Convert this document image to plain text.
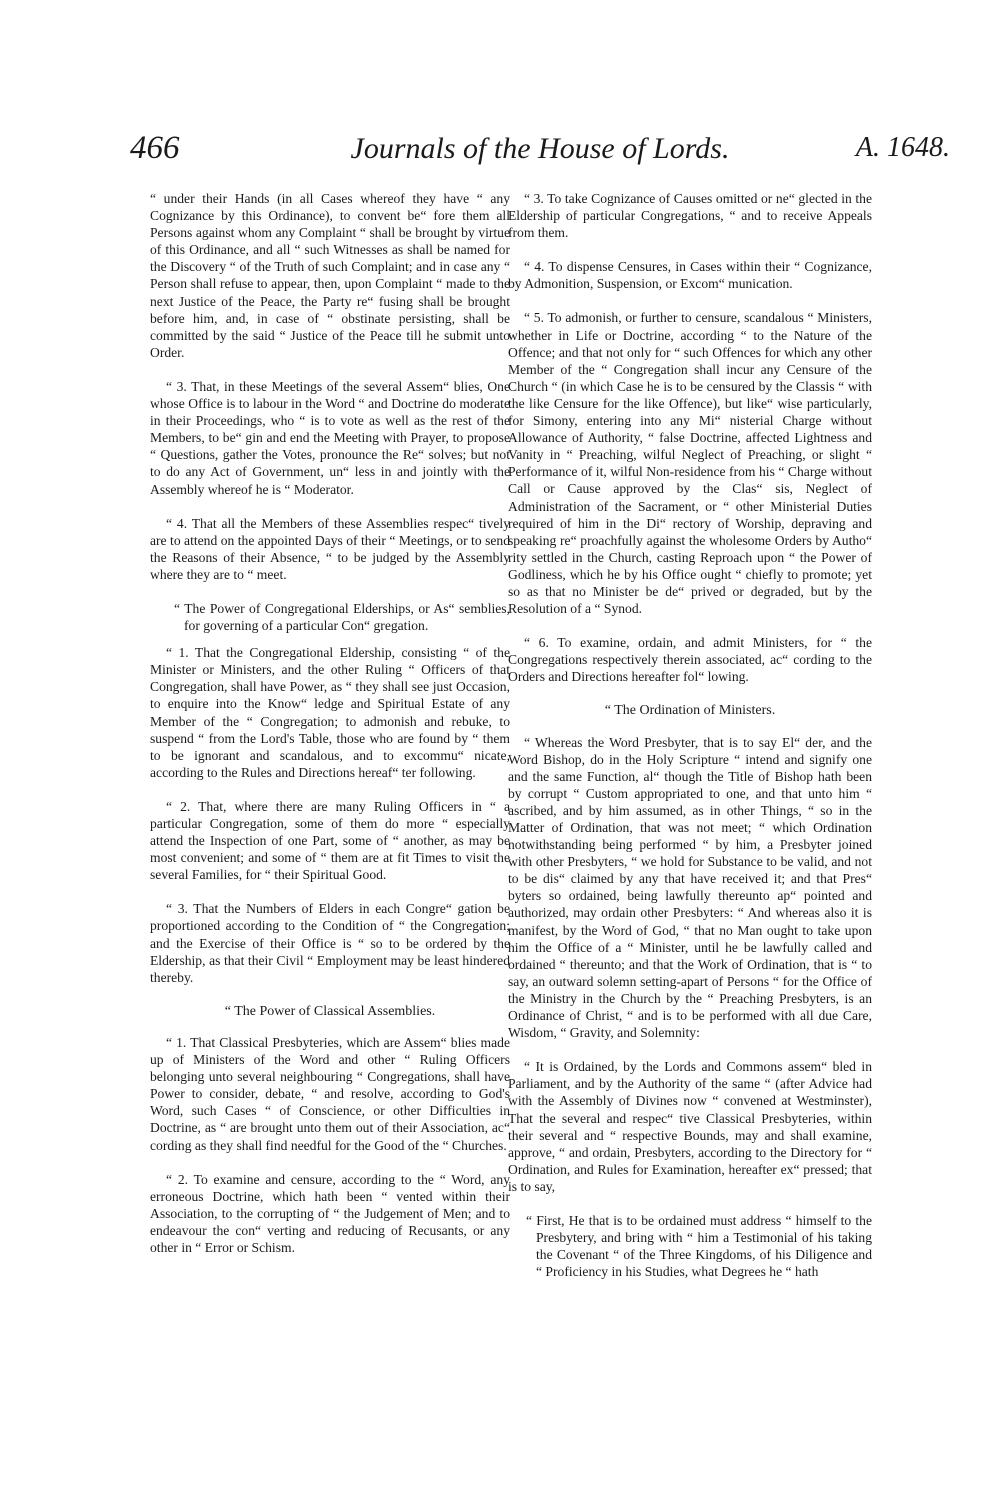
466	Journals of the House of Lords.	A. 1648.

“ under their Hands (in all Cases whereof they have “ any Cognizance by this Ordinance), to convent be“ fore them all Persons against whom any Complaint “ shall be brought by virtue of this Ordinance, and all “ such Witnesses as shall be named for the Discovery “ of the Truth of such Complaint; and in case any “ Person shall refuse to appear, then, upon Complaint “ made to the next Justice of the Peace, the Party re“ fusing shall be brought before him, and, in case of “ obstinate persisting, shall be committed by the said “ Justice of the Peace till he submit unto Order.

“ 3. That, in these Meetings of the several Assem“ blies, One whose Office is to labour in the Word “ and Doctrine do moderate in their Proceedings, who “ is to vote as well as the rest of the Members, to be“ gin and end the Meeting with Prayer, to propose “ Questions, gather the Votes, pronounce the Re“ solves; but not to do any Act of Government, un“ less in and jointly with the Assembly whereof he is “ Moderator.

“ 4. That all the Members of these Assemblies respec“ tively are to attend on the appointed Days of their “ Meetings, or to send the Reasons of their Absence, “ to be judged by the Assembly where they are to “ meet.

“ The Power of Congregational Elderships, or As“ semblies, for governing of a particular Con“ gregation.

“ 1. That the Congregational Eldership, consisting “ of the Minister or Ministers, and the other Ruling “ Officers of that Congregation, shall have Power, as “ they shall see just Occasion, to enquire into the Know“ ledge and Spiritual Estate of any Member of the “ Congregation; to admonish and rebuke, to suspend “ from the Lord's Table, those who are found by “ them to be ignorant and scandalous, and to excommu“ nicate, according to the Rules and Directions hereaf“ ter following.

“ 2. That, where there are many Ruling Officers in “ a particular Congregation, some of them do more “ especially attend the Inspection of one Part, some of “ another, as may be most convenient; and some of “ them are at fit Times to visit the several Families, for “ their Spiritual Good.

“ 3. That the Numbers of Elders in each Congre“ gation be proportioned according to the Condition of “ the Congregation; and the Exercise of their Office is “ so to be ordered by the Eldership, as that their Civil “ Employment may be least hindered thereby.

“ The Power of Classical Assemblies.

“ 1. That Classical Presbyteries, which are Assem“ blies made up of Ministers of the Word and other “ Ruling Officers belonging unto several neighbouring “ Congregations, shall have Power to consider, debate, “ and resolve, according to God's Word, such Cases “ of Conscience, or other Difficulties in Doctrine, as “ are brought unto them out of their Association, ac“ cording as they shall find needful for the Good of the “ Churches.

“ 2. To examine and censure, according to the “ Word, any erroneous Doctrine, which hath been “ vented within their Association, to the corrupting of “ the Judgement of Men; and to endeavour the con“ verting and reducing of Recusants, or any other in “ Error or Schism.

“ 3. To take Cognizance of Causes omitted or ne“ glected in the Eldership of particular Congregations, “ and to receive Appeals from them.

“ 4. To dispense Censures, in Cases within their “ Cognizance, by Admonition, Suspension, or Excom“ munication.

“ 5. To admonish, or further to censure, scandalous “ Ministers, whether in Life or Doctrine, according “ to the Nature of the Offence; and that not only for “ such Offences for which any other Member of the “ Congregation shall incur any Censure of the Church “ (in which Case he is to be censured by the Classis “ with the like Censure for the like Offence), but like“ wise particularly, for Simony, entering into any Mi“ nisterial Charge without Allowance of Authority, “ false Doctrine, affected Lightness and Vanity in “ Preaching, wilful Neglect of Preaching, or slight “ Performance of it, wilful Non-residence from his “ Charge without Call or Cause approved by the Clas“ sis, Neglect of Administration of the Sacrament, or “ other Ministerial Duties required of him in the Di“ rectory of Worship, depraving and speaking re“ proachfully against the wholesome Orders by Autho“ rity settled in the Church, casting Reproach upon “ the Power of Godliness, which he by his Office ought “ chiefly to promote; yet so as that no Minister be de“ prived or degraded, but by the Resolution of a “ Synod.

“ 6. To examine, ordain, and admit Ministers, for “ the Congregations respectively therein associated, ac“ cording to the Orders and Directions hereafter fol“ lowing.

“ The Ordination of Ministers.

“ Whereas the Word Presbyter, that is to say El“ der, and the Word Bishop, do in the Holy Scripture “ intend and signify one and the same Function, al“ though the Title of Bishop hath been by corrupt “ Custom appropriated to one, and that unto him “ ascribed, and by him assumed, as in other Things, “ so in the Matter of Ordination, that was not meet; “ which Ordination notwithstanding being performed “ by him, a Presbyter joined with other Presbyters, “ we hold for Substance to be valid, and not to be dis“ claimed by any that have received it; and that Pres“ byters so ordained, being lawfully thereunto ap“ pointed and authorized, may ordain other Presbyters: “ And whereas also it is manifest, by the Word of God, “ that no Man ought to take upon him the Office of a “ Minister, until he be lawfully called and ordained “ thereunto; and that the Work of Ordination, that is “ to say, an outward solemn setting-apart of Persons “ for the Office of the Ministry in the Church by the “ Preaching Presbyters, is an Ordinance of Christ, “ and is to be performed with all due Care, Wisdom, “ Gravity, and Solemnity:

“ It is Ordained, by the Lords and Commons assem“ bled in Parliament, and by the Authority of the same “ (after Advice had with the Assembly of Divines now “ convened at Westminster), That the several and respec“ tive Classical Presbyteries, within their several and “ respective Bounds, may and shall examine, approve, “ and ordain, Presbyters, according to the Directory for “ Ordination, and Rules for Examination, hereafter ex“ pressed; that is to say,

“ First, He that is to be ordained must address “ himself to the Presbytery, and bring with “ him a Testimonial of his taking the Covenant “ of the Three Kingdoms, of his Diligence and “ Proficiency in his Studies, what Degrees he “ hath
